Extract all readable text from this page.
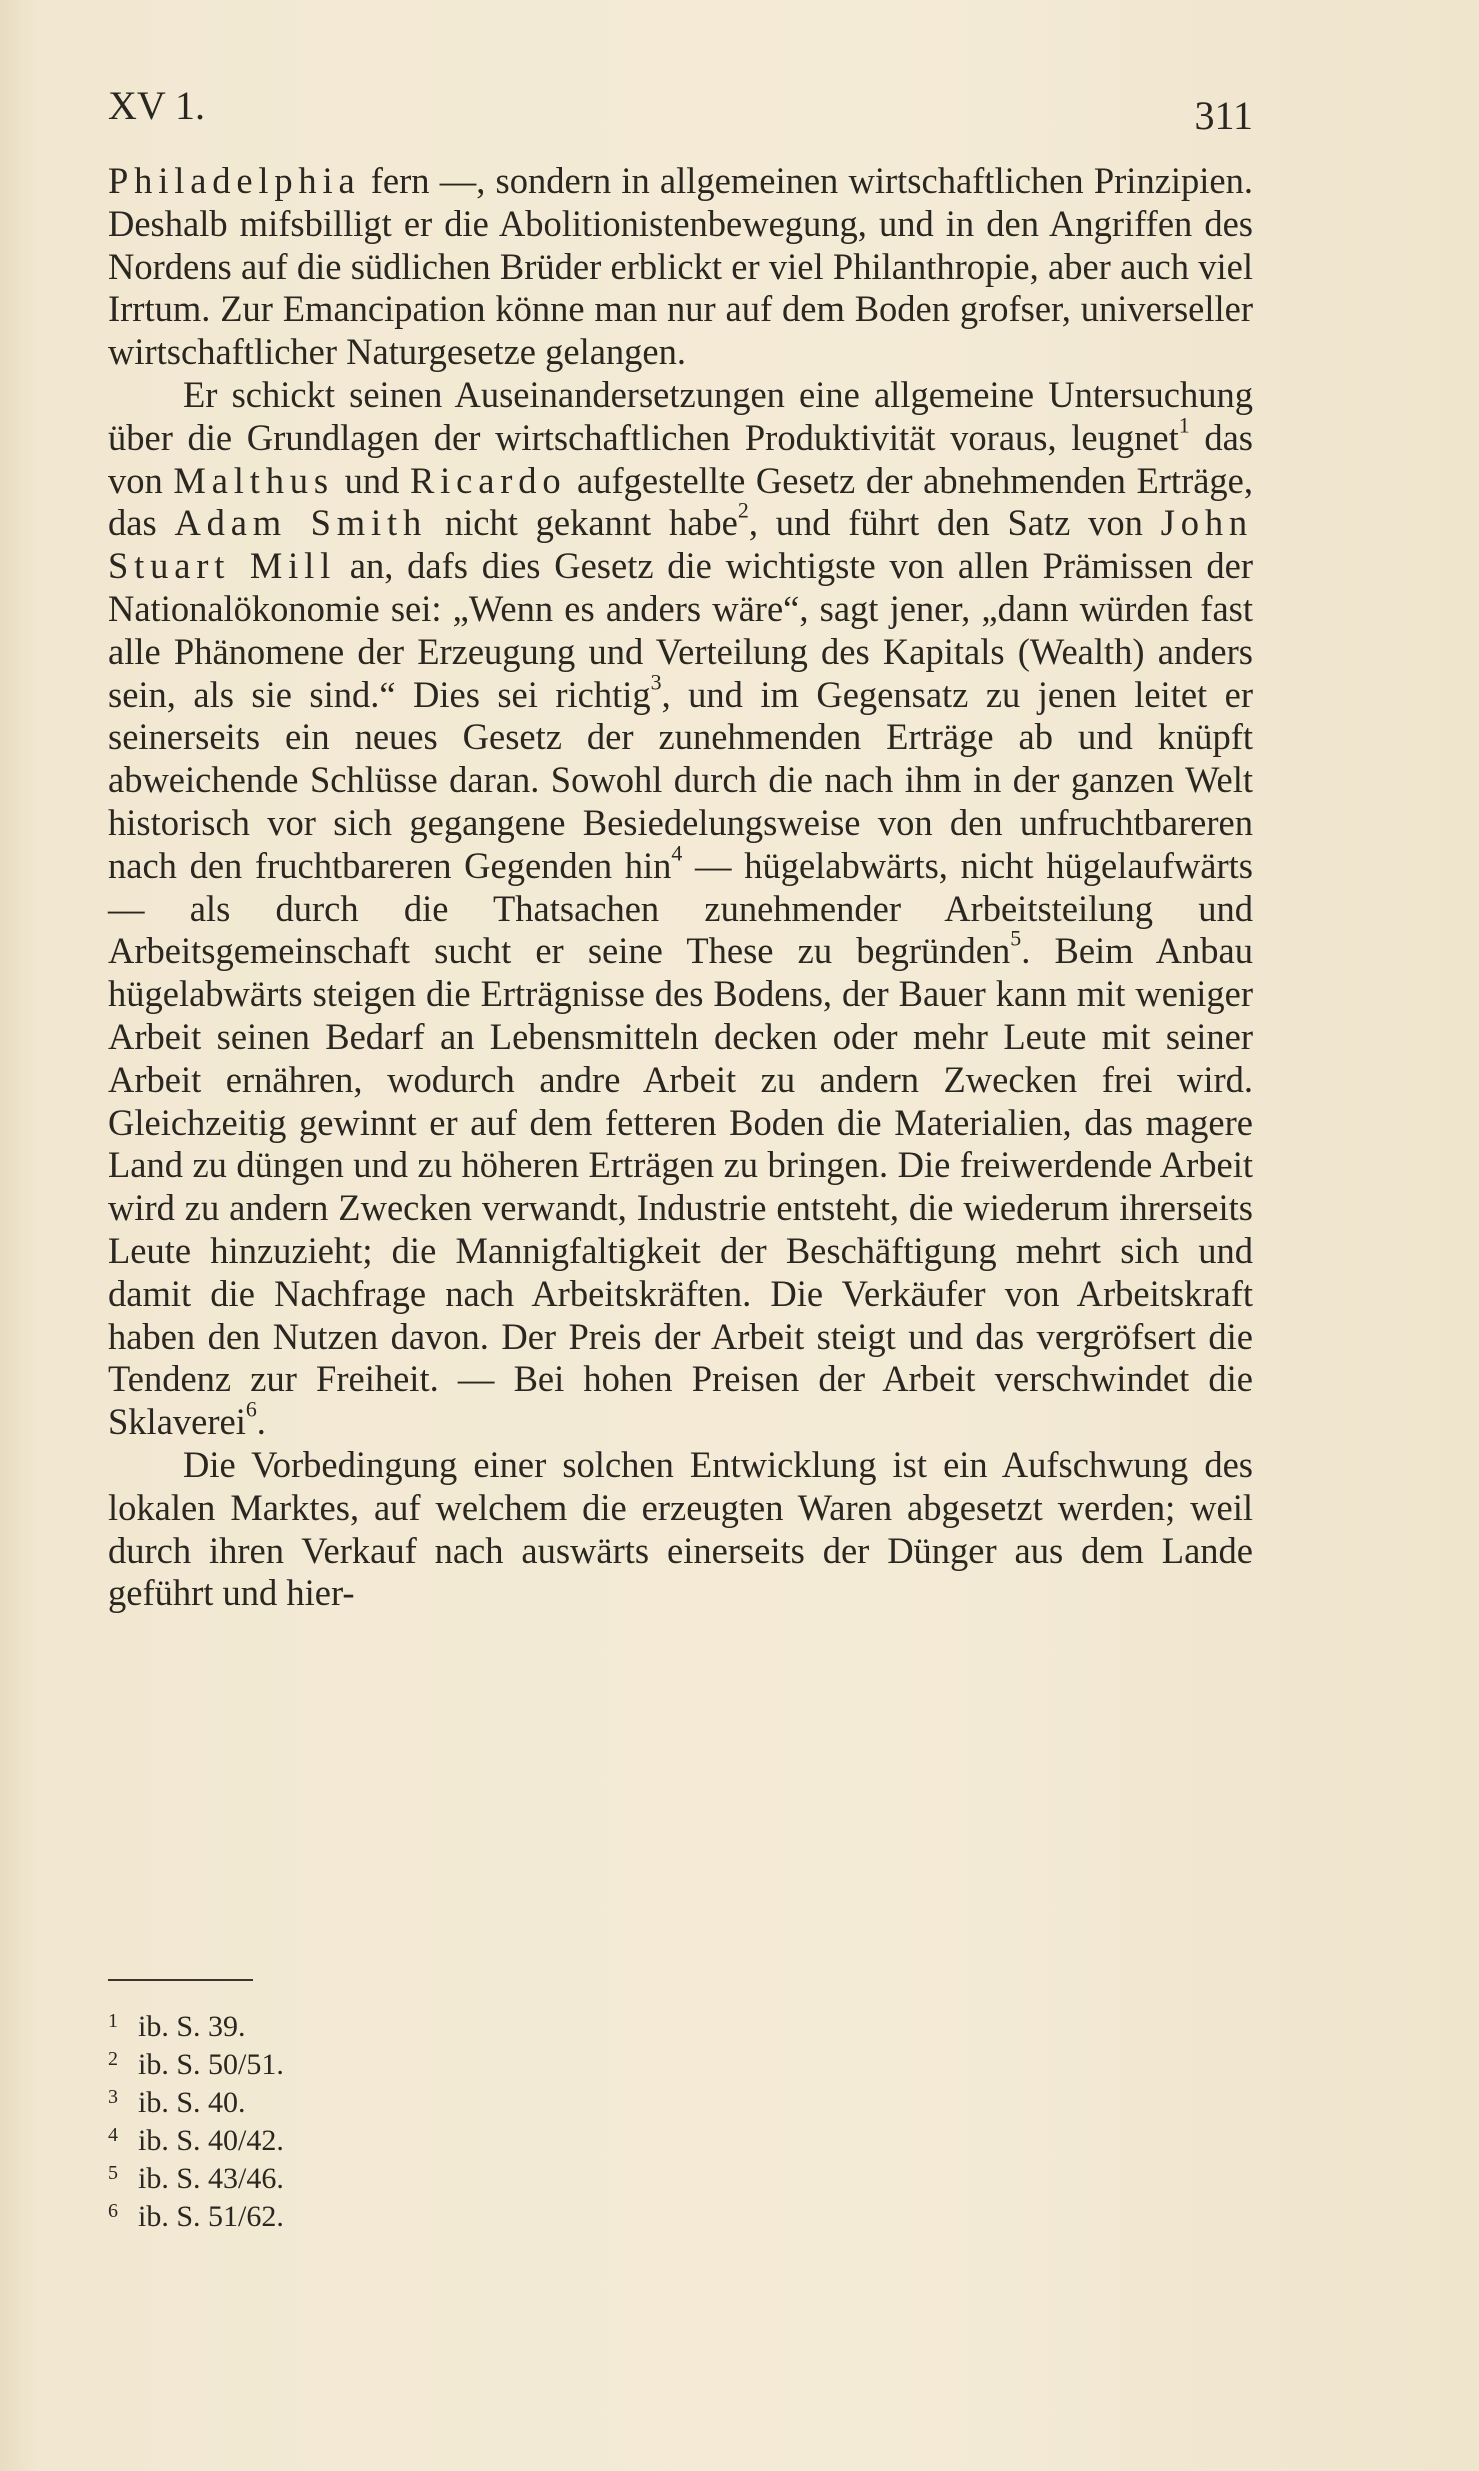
XV 1.	311

Philadelphia fern —, sondern in allgemeinen wirtschaftlichen Prinzipien. Deshalb mifsbilligt er die Abolitionistenbewegung, und in den Angriffen des Nordens auf die südlichen Brüder erblickt er viel Philanthropie, aber auch viel Irrtum. Zur Emancipation könne man nur auf dem Boden grofser, universeller wirtschaftlicher Naturgesetze gelangen.

Er schickt seinen Auseinandersetzungen eine allgemeine Untersuchung über die Grundlagen der wirtschaftlichen Produktivität voraus, leugnet$^1$ das von Malthus und Ricardo aufgestellte Gesetz der abnehmenden Erträge, das Adam Smith nicht gekannt habe$^2$, und führt den Satz von John Stuart Mill an, dafs dies Gesetz die wichtigste von allen Prämissen der Nationalökonomie sei: „Wenn es anders wäre“, sagt jener, „dann würden fast alle Phänomene der Erzeugung und Verteilung des Kapitals (Wealth) anders sein, als sie sind.“ Dies sei richtig$^3$, und im Gegensatz zu jenen leitet er seinerseits ein neues Gesetz der zunehmenden Erträge ab und knüpft abweichende Schlüsse daran. Sowohl durch die nach ihm in der ganzen Welt historisch vor sich gegangene Besiedelungsweise von den unfruchtbareren nach den fruchtbareren Gegenden hin$^4$ — hügelabwärts, nicht hügelaufwärts — als durch die Thatsachen zunehmender Arbeitsteilung und Arbeitsgemeinschaft sucht er seine These zu begründen$^5$. Beim Anbau hügelabwärts steigen die Erträgnisse des Bodens, der Bauer kann mit weniger Arbeit seinen Bedarf an Lebensmitteln decken oder mehr Leute mit seiner Arbeit ernähren, wodurch andre Arbeit zu andern Zwecken frei wird. Gleichzeitig gewinnt er auf dem fetteren Boden die Materialien, das magere Land zu düngen und zu höheren Erträgen zu bringen. Die freiwerdende Arbeit wird zu andern Zwecken verwandt, Industrie entsteht, die wiederum ihrerseits Leute hinzuzieht; die Mannigfaltigkeit der Beschäftigung mehrt sich und damit die Nachfrage nach Arbeitskräften. Die Verkäufer von Arbeitskraft haben den Nutzen davon. Der Preis der Arbeit steigt und das vergröfsert die Tendenz zur Freiheit. — Bei hohen Preisen der Arbeit verschwindet die Sklaverei$^6$.

Die Vorbedingung einer solchen Entwicklung ist ein Aufschwung des lokalen Marktes, auf welchem die erzeugten Waren abgesetzt werden; weil durch ihren Verkauf nach auswärts einerseits der Dünger aus dem Lande geführt und hier-

1 ib. S. 39.
2 ib. S. 50/51.
3 ib. S. 40.
4 ib. S. 40/42.
5 ib. S. 43/46.
6 ib. S. 51/62.
